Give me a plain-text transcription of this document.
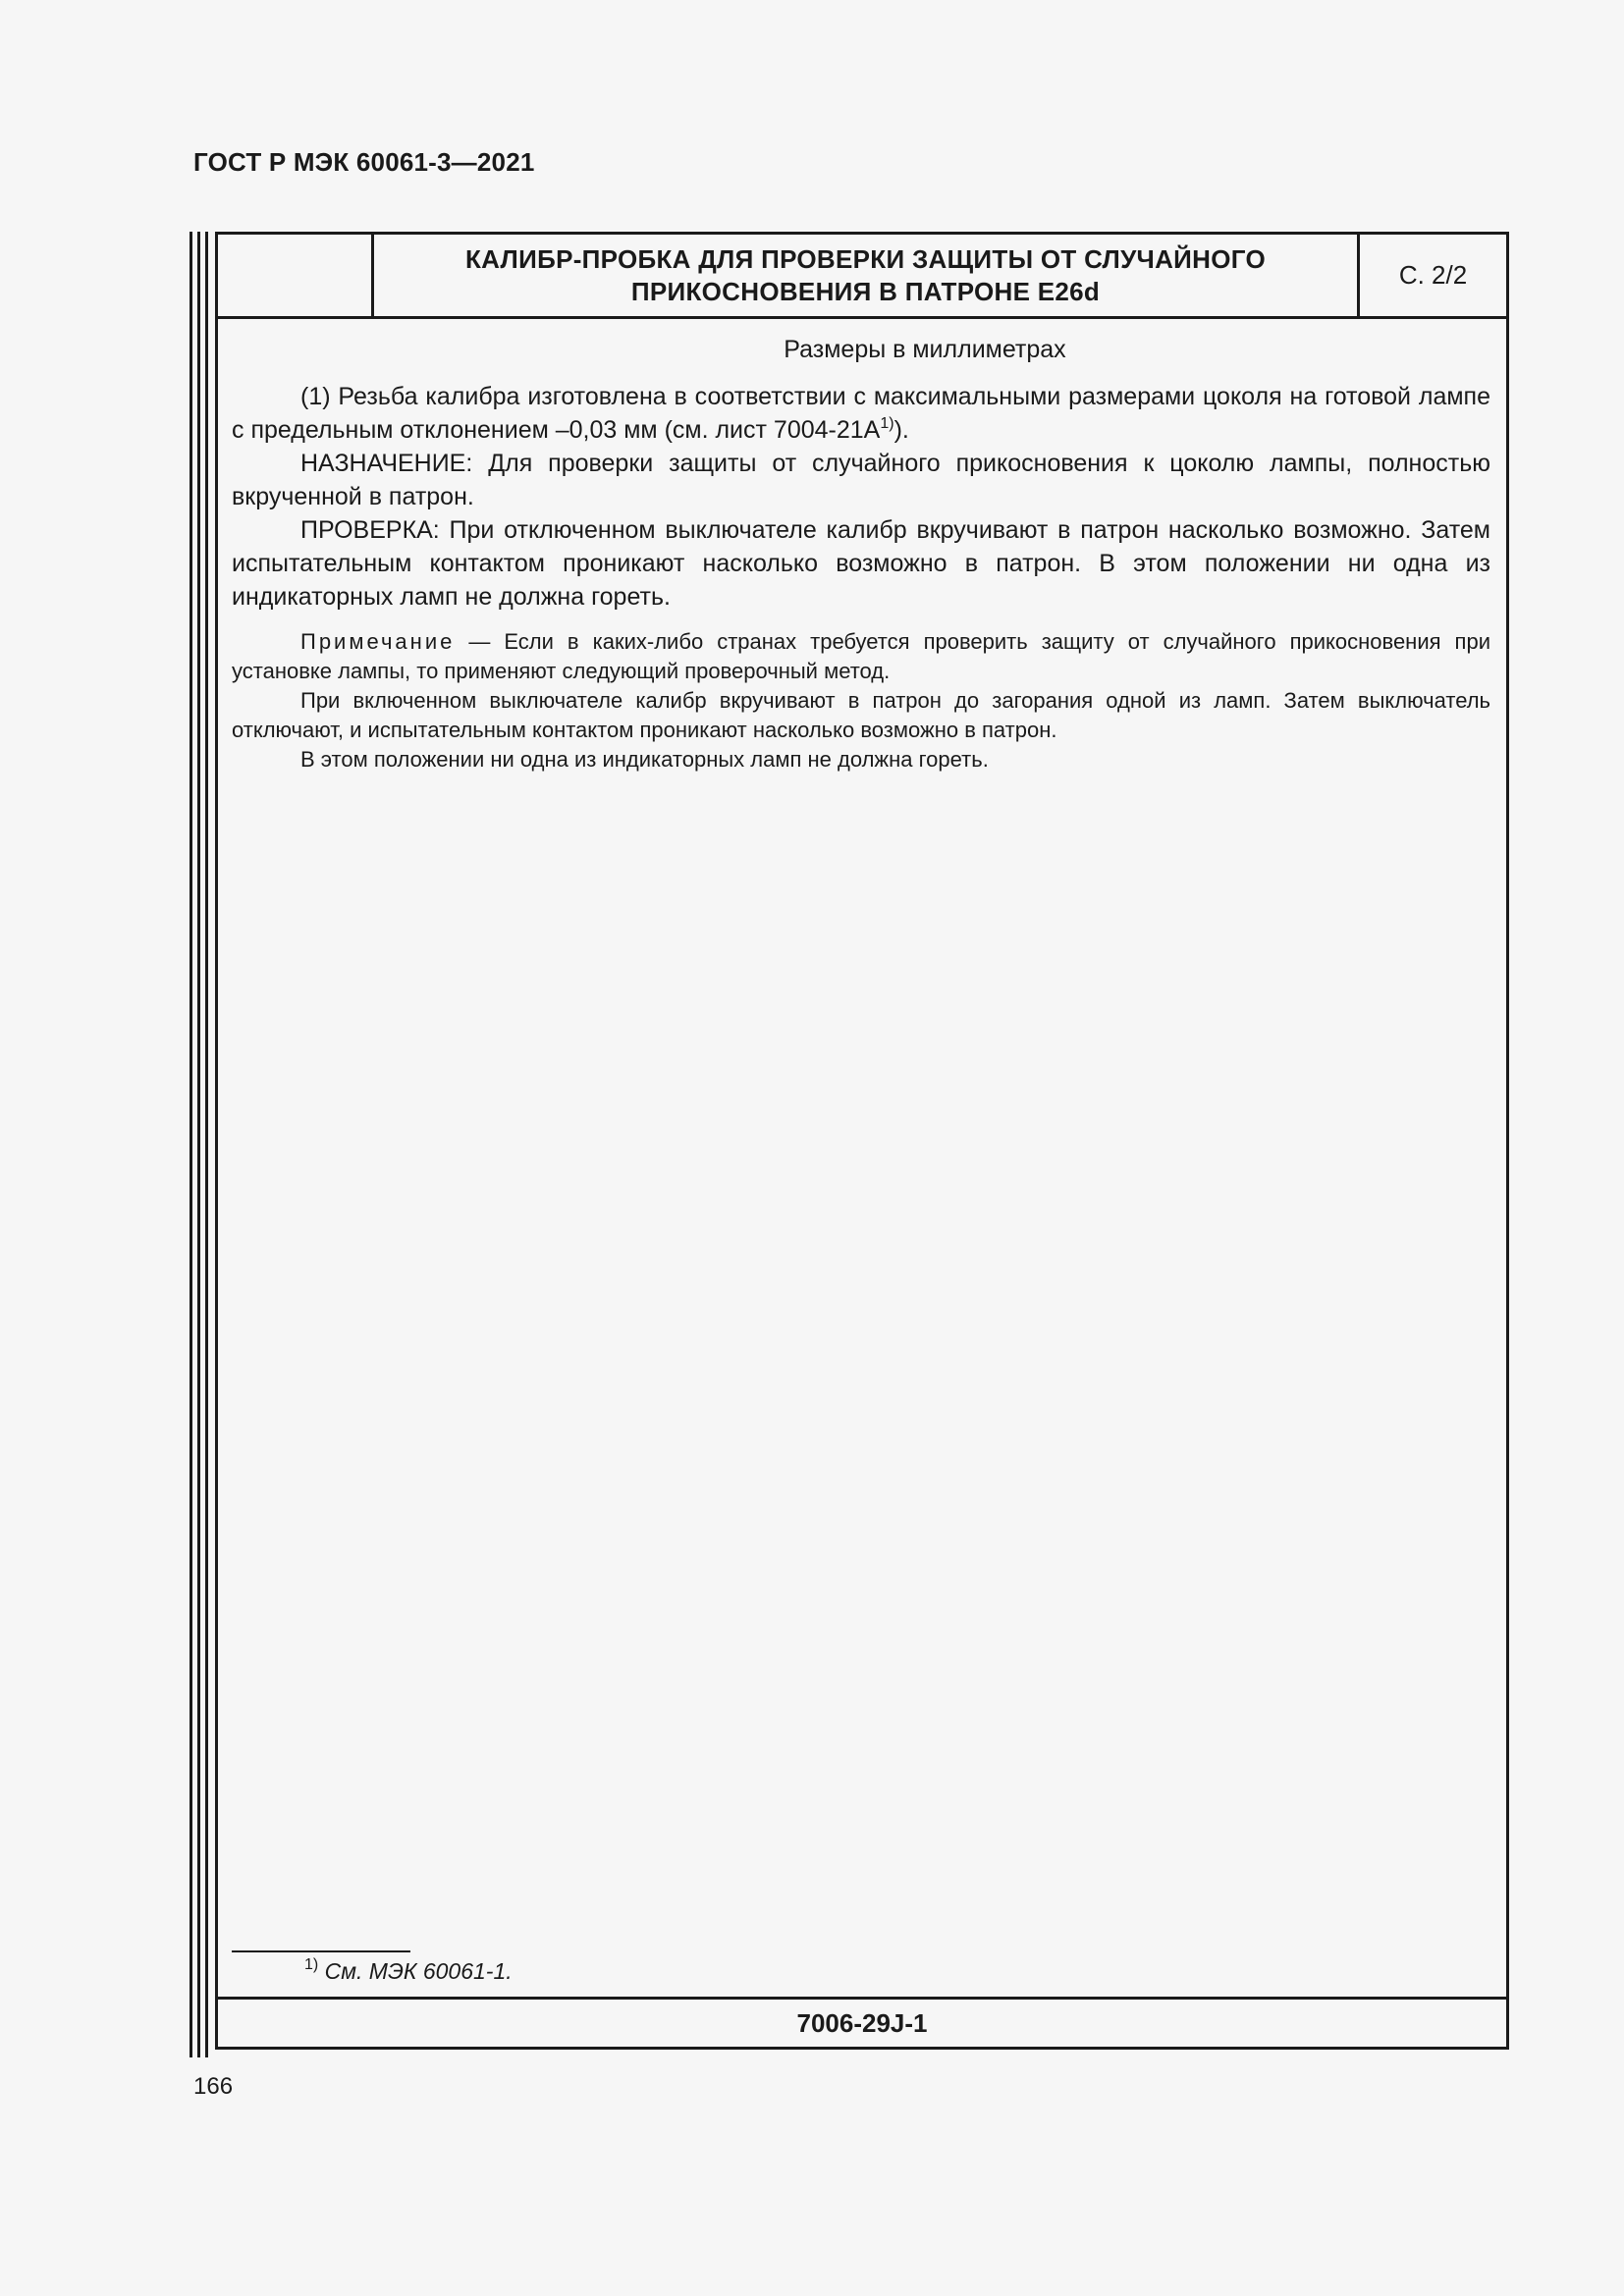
ГОСТ Р МЭК 60061-3—2021
КАЛИБР-ПРОБКА ДЛЯ ПРОВЕРКИ ЗАЩИТЫ ОТ СЛУЧАЙНОГО
ПРИКОСНОВЕНИЯ В ПАТРОНЕ E26d
С. 2/2
Размеры в миллиметрах

(1) Резьба калибра изготовлена в соответствии с максимальными размерами цоколя на готовой лампе с предельным отклонением –0,03 мм (см. лист $7004-21A^{1)}$).

НАЗНАЧЕНИЕ: Для проверки защиты от случайного прикосновения к цоколю лампы, полностью вкрученной в патрон.

ПРОВЕРКА: При отключенном выключателе калибр вкручивают в патрон насколько возможно. Затем испытательным контактом проникают насколько возможно в патрон. В этом положении ни одна из индикаторных ламп не должна гореть.

Примечание — Если в каких-либо странах требуется проверить защиту от случайного прикосновения при установке лампы, то применяют следующий проверочный метод.

При включенном выключателе калибр вкручивают в патрон до загорания одной из ламп. Затем выключатель отключают, и испытательным контактом проникают насколько возможно в патрон.

В этом положении ни одна из индикаторных ламп не должна гореть.

$^{1)}$ См. МЭК 60061-1.
7006-29J-1
166
